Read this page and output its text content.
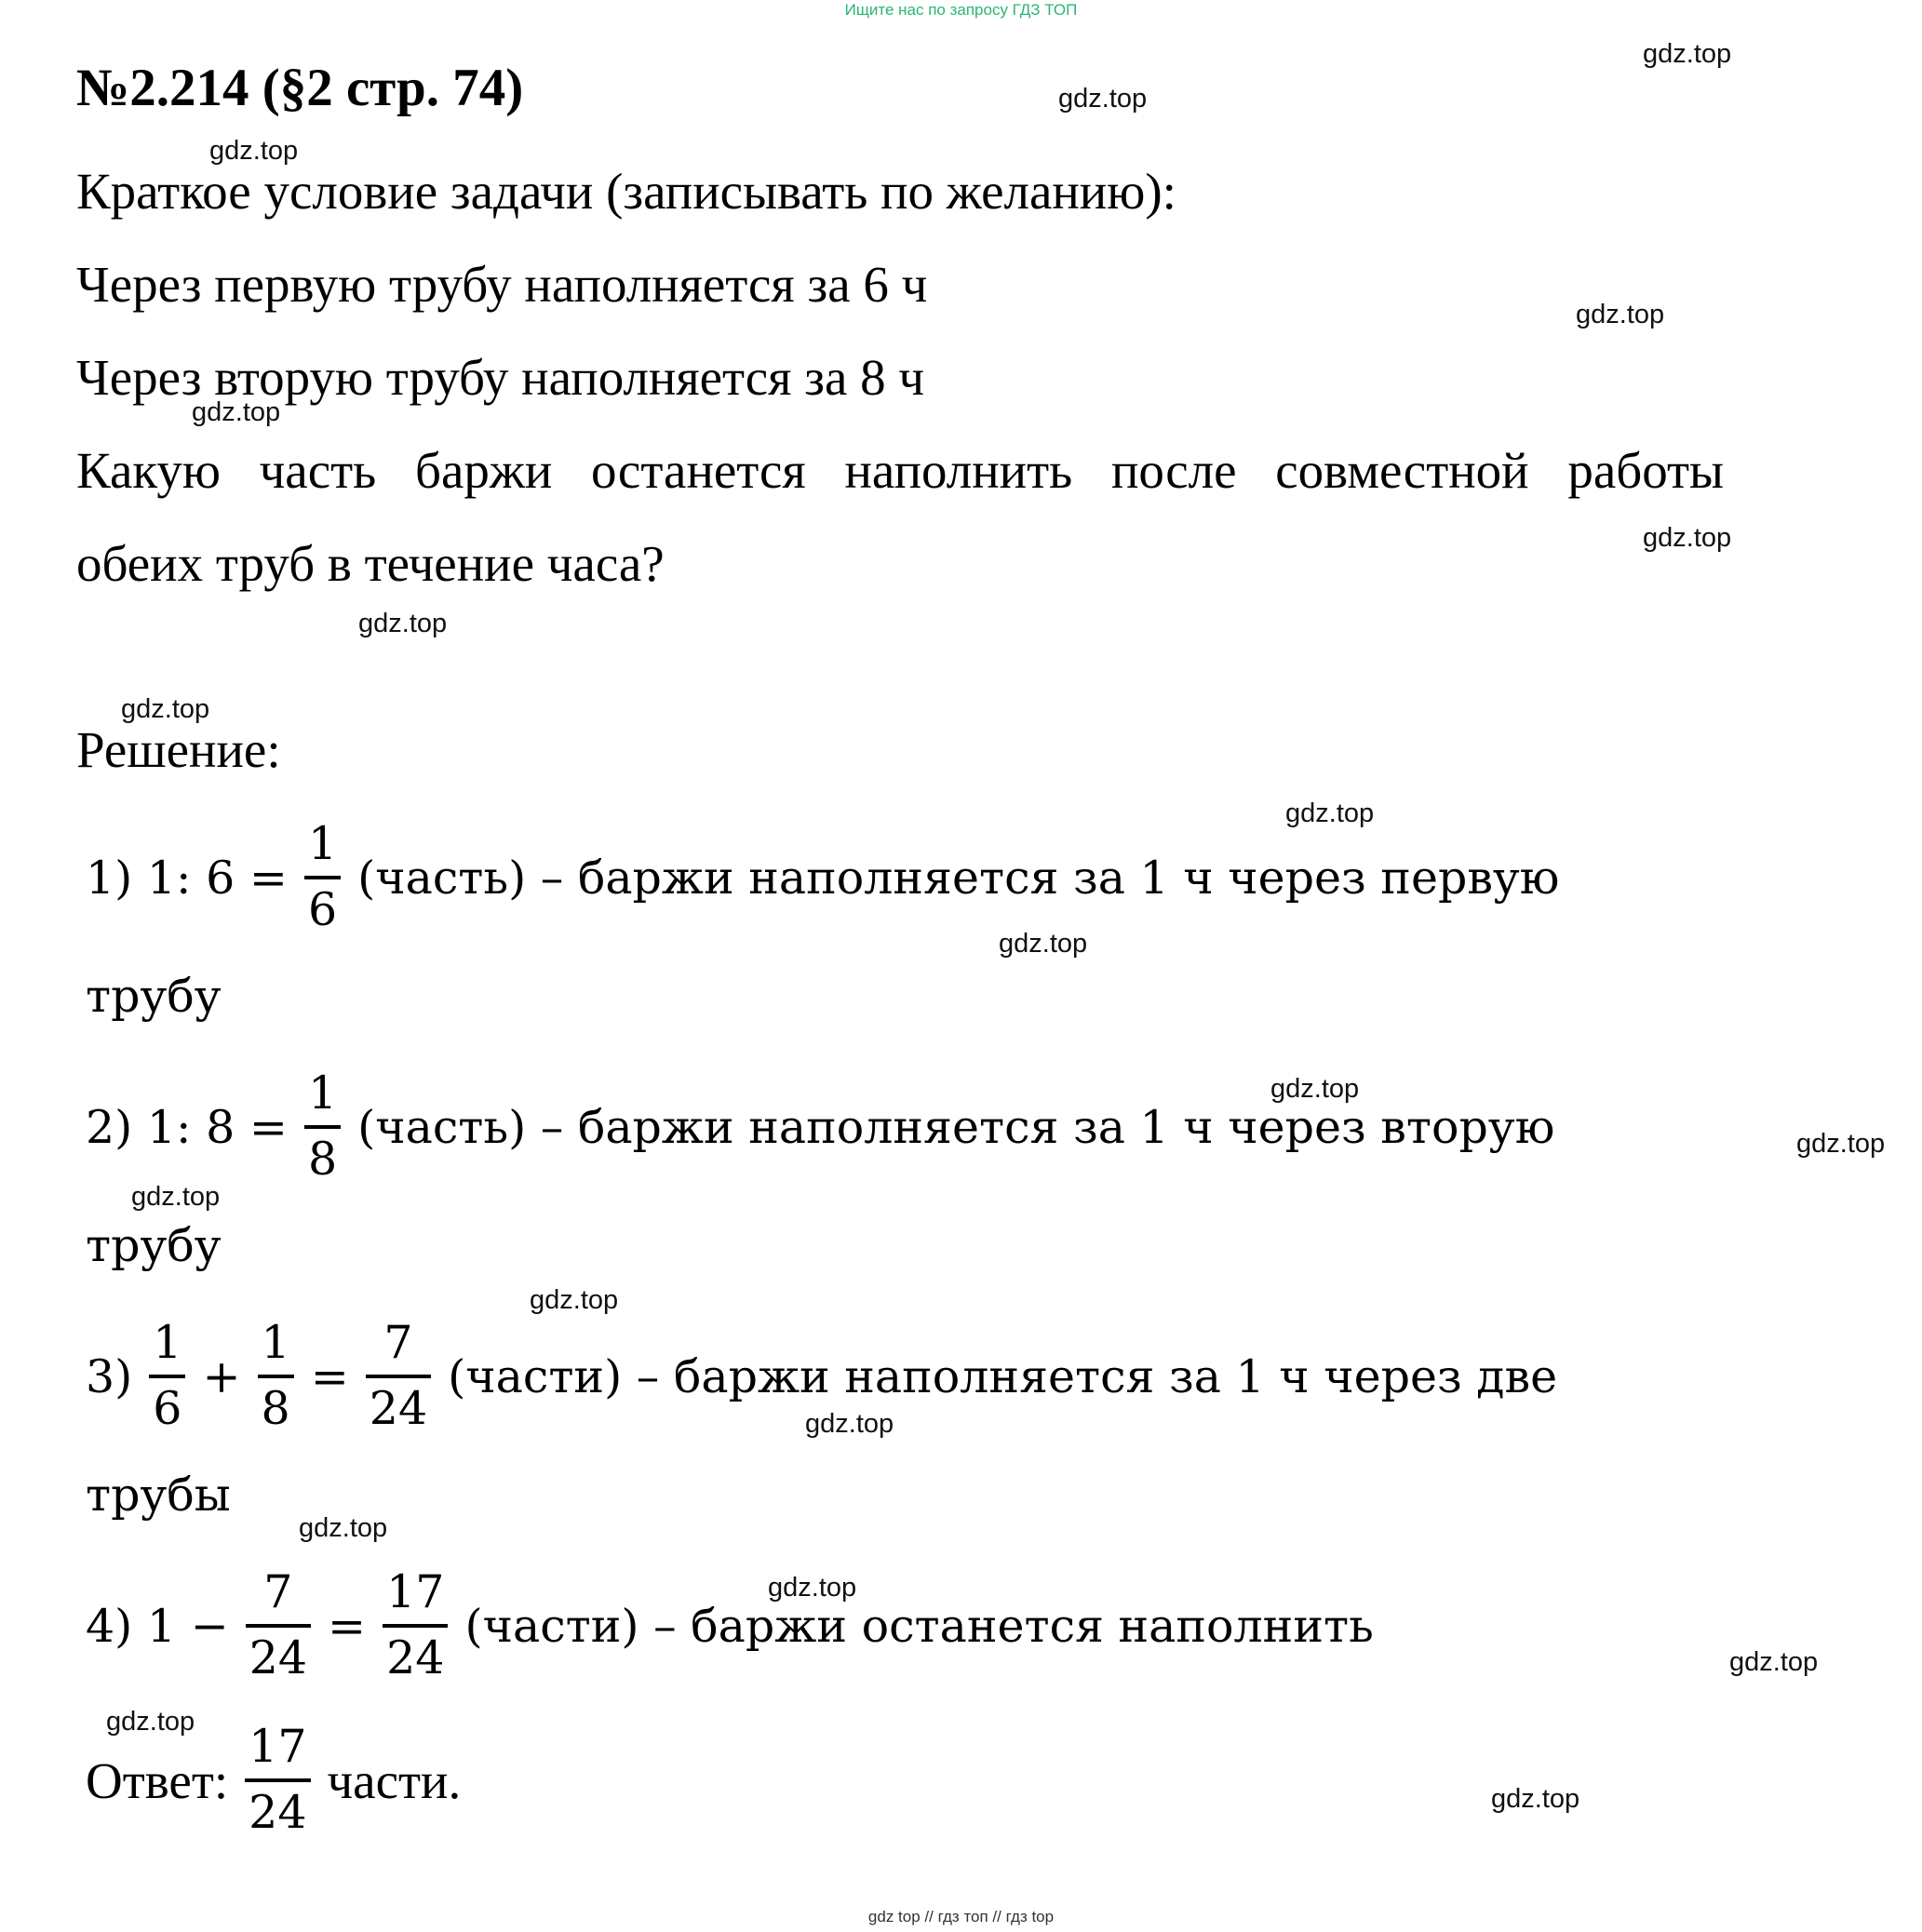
Ищите нас по запросу ГДЗ ТОП
№2.214 (§2 стр. 74)
Краткое условие задачи (записывать по желанию):
Через первую трубу наполняется за 6 ч
Через вторую трубу наполняется за 8 ч
Какую часть баржи останется наполнить после совместной работы
обеих труб в течение часа?
Решение:
1) 1: $6 = \frac{1}{6}$ (часть) – баржи наполняется за 1 ч через первую
трубу
2) 1: $8 = \frac{1}{8}$ (часть) – баржи наполняется за 1 ч через вторую
трубу
$3) \frac{1}{6} + \frac{1}{8} = \frac{7}{24}$ (части) – баржи наполняется за 1 ч через две
трубы
4) $1 - \frac{7}{24} = \frac{17}{24}$ (части) – баржи останется наполнить
Ответ: $\frac{17}{24}$ части.
gdz.top
gdz.top
gdz.top
gdz.top
gdz.top
gdz.top
gdz.top
gdz.top
gdz.top
gdz.top
gdz.top
gdz.top
gdz.top
gdz.top
gdz.top
gdz.top
gdz.top
gdz.top
gdz.top
gdz.top
gdz top // гдз топ // гдз top
